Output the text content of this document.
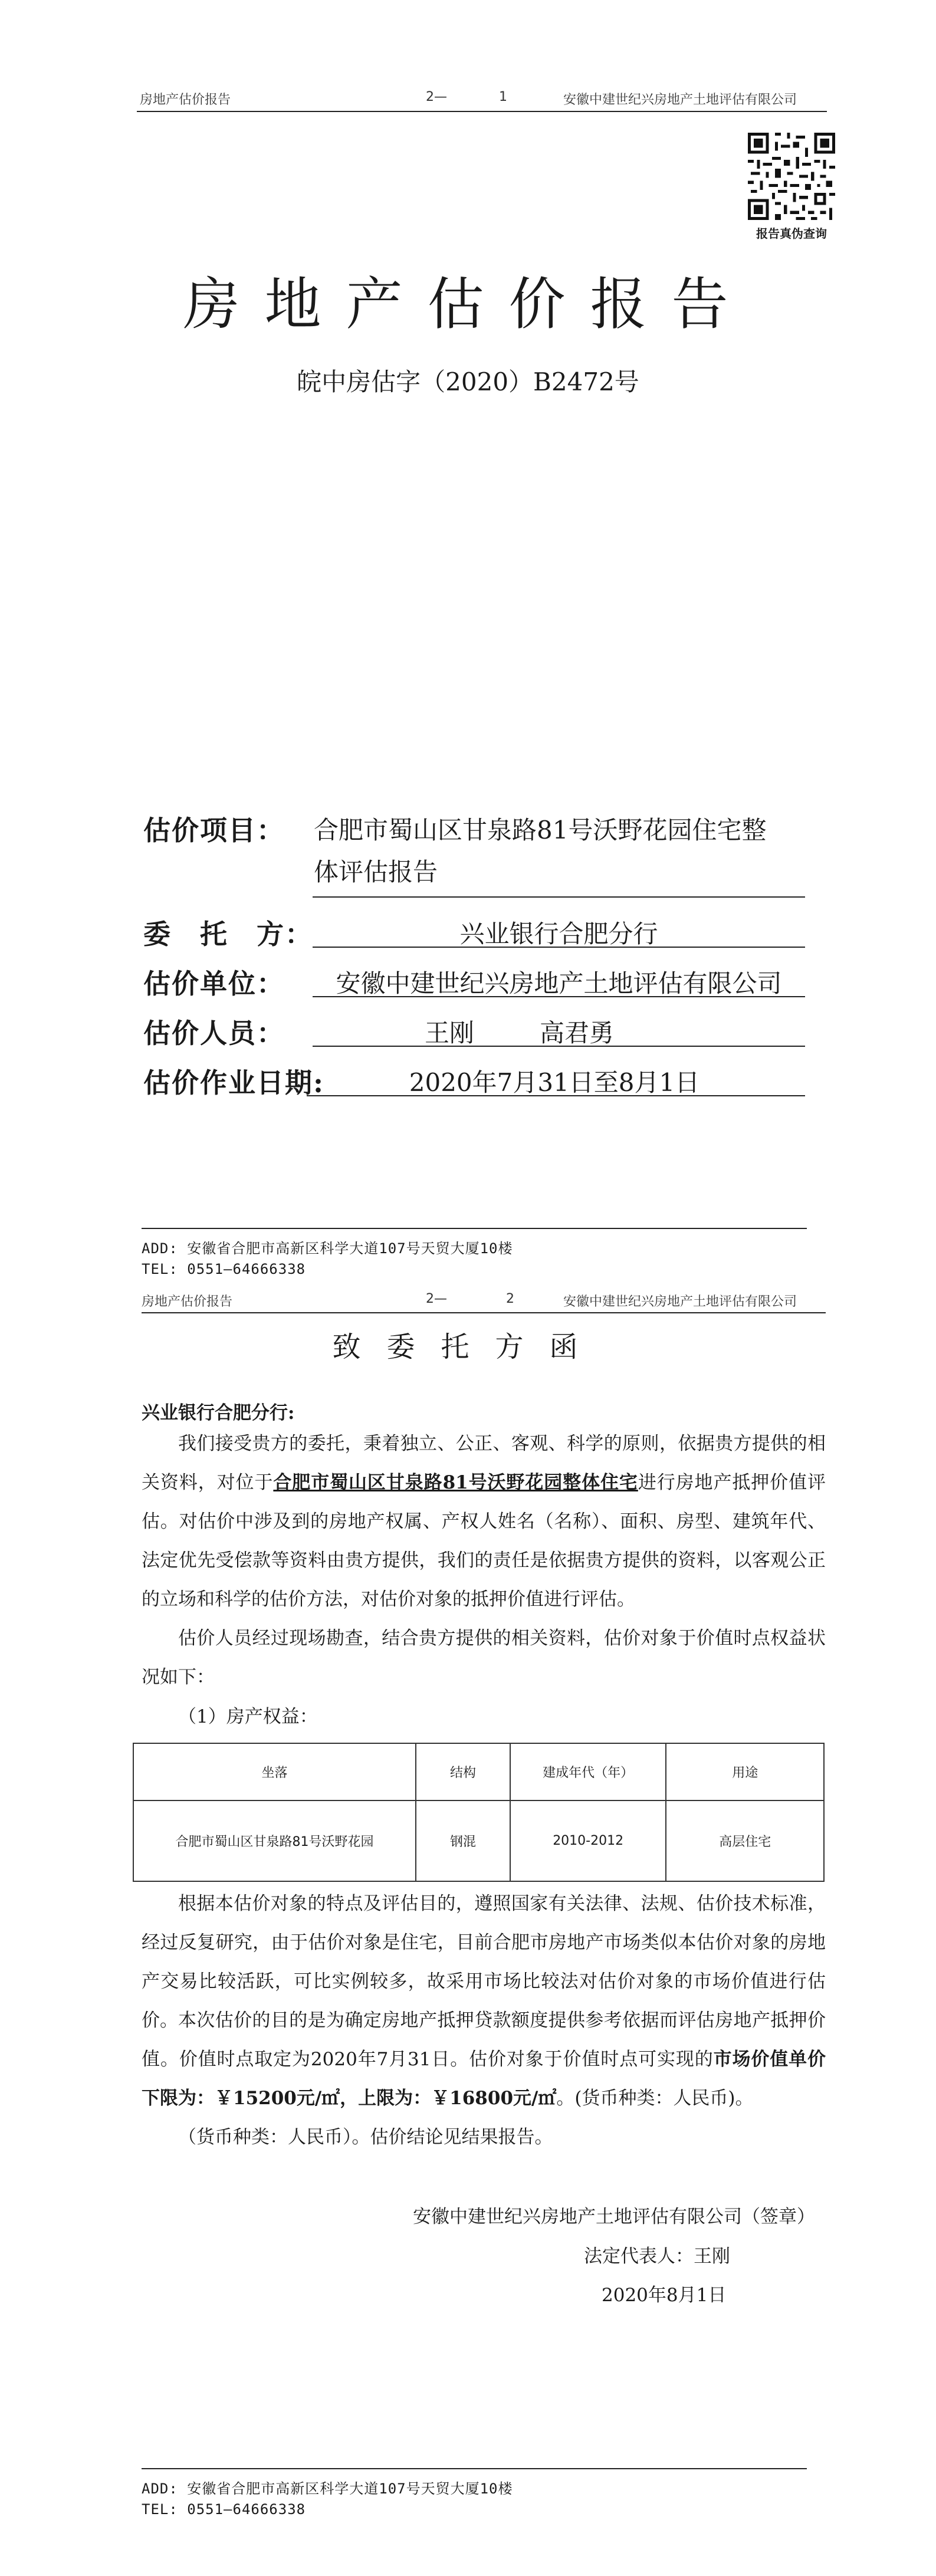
房地产估价报告	2—	1	安徽中建世纪兴房地产土地评估有限公司
报告真伪查询
房地产估价报告
皖中房估字（2020）B2472号
估价项目： 合肥市蜀山区甘泉路81号沃野花园住宅整
体评估报告
委　托　方：	兴业银行合肥分行
估价单位：	安徽中建世纪兴房地产土地评估有限公司
估价人员：	王刚	高君勇
估价作业日期:	2020年7月31日至8月1日
ADD: 安徽省合肥市高新区科学大道107号天贸大厦10楼
TEL: 0551—64666338
房地产估价报告	2—	2	安徽中建世纪兴房地产土地评估有限公司
致委托方函
兴业银行合肥分行:
我们接受贵方的委托，秉着独立、公正、客观、科学的原则，依据贵方提供的相关资料，对位于合肥市蜀山区甘泉路81号沃野花园整体住宅进行房地产抵押价值评估。对估价中涉及到的房地产权属、产权人姓名（名称）、面积、房型、建筑年代、法定优先受偿款等资料由贵方提供，我们的责任是依据贵方提供的资料，以客观公正的立场和科学的估价方法，对估价对象的抵押价值进行评估。
估价人员经过现场勘查，结合贵方提供的相关资料，估价对象于价值时点权益状况如下：
（1）房产权益：
坐落	结构	建成年代（年）	用途
合肥市蜀山区甘泉路81号沃野花园	钢混	2010-2012	高层住宅
根据本估价对象的特点及评估目的，遵照国家有关法律、法规、估价技术标准，经过反复研究，由于估价对象是住宅，目前合肥市房地产市场类似本估价对象的房地产交易比较活跃，可比实例较多，故采用市场比较法对估价对象的市场价值进行估价。 本次估价的目的是为确定房地产抵押贷款额度提供参考依据而评估房地产抵押价值。价值时点取定为2020年7月31日。估价对象于价值时点可实现的市场价值单价下限为：￥15200元/㎡，上限为：￥16800元/㎡。(货币种类：人民币)。
（货币种类：人民币）。估价结论见结果报告。
安徽中建世纪兴房地产土地评估有限公司（签章）
法定代表人：王刚
2020年8月1日
ADD: 安徽省合肥市高新区科学大道107号天贸大厦10楼
TEL: 0551—64666338
